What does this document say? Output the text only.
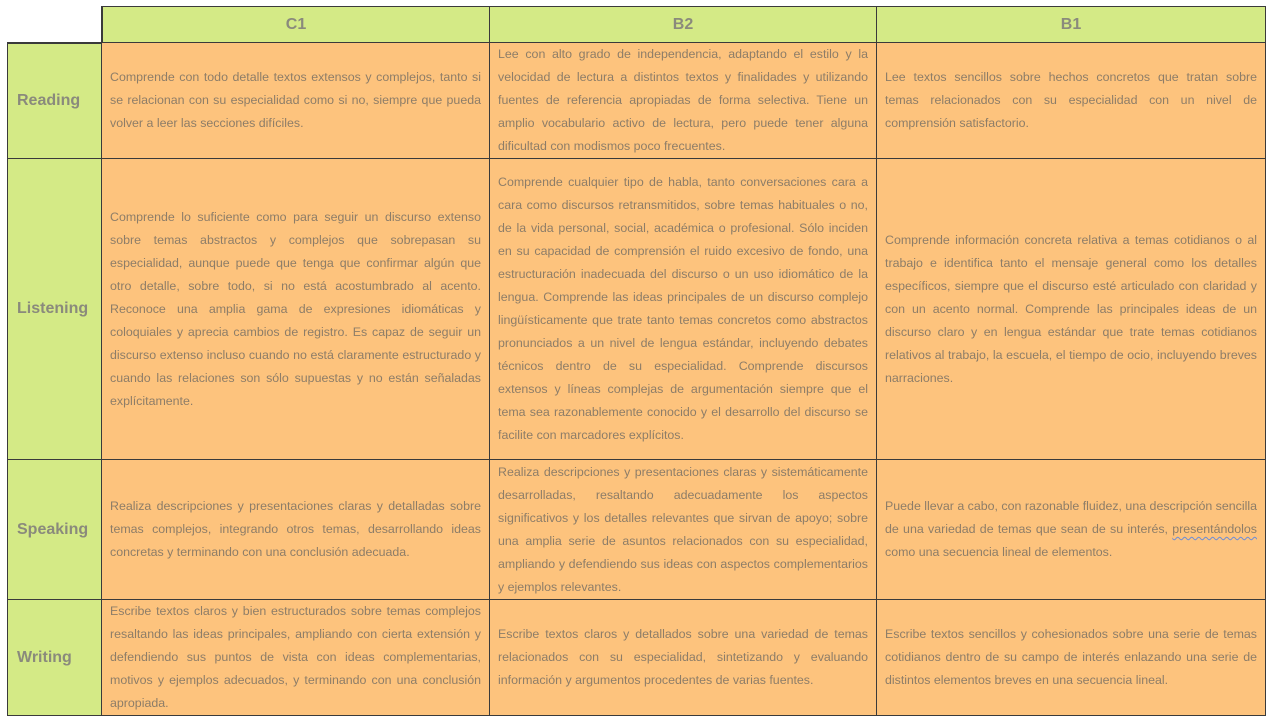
C1	B2	B1
Reading

Comprende con todo detalle textos extensos y complejos, tanto si se relacionan con su especialidad como si no, siempre que pueda volver a leer las secciones difíciles.

Lee con alto grado de independencia, adaptando el estilo y la velocidad de lectura a distintos textos y finalidades y utilizando fuentes de referencia apropiadas de forma selectiva. Tiene un amplio vocabulario activo de lectura, pero puede tener alguna dificultad con modismos poco frecuentes.

Lee textos sencillos sobre hechos concretos que tratan sobre temas relacionados con su especialidad con un nivel de comprensión satisfactorio.

Listening

Comprende lo suficiente como para seguir un discurso extenso sobre temas abstractos y complejos que sobrepasan su especialidad, aunque puede que tenga que confirmar algún que otro detalle, sobre todo, si no está acostumbrado al acento. Reconoce una amplia gama de expresiones idiomáticas y coloquiales y aprecia cambios de registro. Es capaz de seguir un discurso extenso incluso cuando no está claramente estructurado y cuando las relaciones son sólo supuestas y no están señaladas explícitamente.

Comprende cualquier tipo de habla, tanto conversaciones cara a cara como discursos retransmitidos, sobre temas habituales o no, de la vida personal, social, académica o profesional. Sólo inciden en su capacidad de comprensión el ruido excesivo de fondo, una estructuración inadecuada del discurso o un uso idiomático de la lengua. Comprende las ideas principales de un discurso complejo lingüísticamente que trate tanto temas concretos como abstractos pronunciados a un nivel de lengua estándar, incluyendo debates técnicos dentro de su especialidad. Comprende discursos extensos y líneas complejas de argumentación siempre que el tema sea razonablemente conocido y el desarrollo del discurso se facilite con marcadores explícitos.

Comprende información concreta relativa a temas cotidianos o al trabajo e identifica tanto el mensaje general como los detalles específicos, siempre que el discurso esté articulado con claridad y con un acento normal. Comprende las principales ideas de un discurso claro y en lengua estándar que trate temas cotidianos relativos al trabajo, la escuela, el tiempo de ocio, incluyendo breves narraciones.

Speaking

Realiza descripciones y presentaciones claras y detalladas sobre temas complejos, integrando otros temas, desarrollando ideas concretas y terminando con una conclusión adecuada.

Realiza descripciones y presentaciones claras y sistemáticamente desarrolladas, resaltando adecuadamente los aspectos significativos y los detalles relevantes que sirvan de apoyo; sobre una amplia serie de asuntos relacionados con su especialidad, ampliando y defendiendo sus ideas con aspectos complementarios y ejemplos relevantes.

Puede llevar a cabo, con razonable fluidez, una descripción sencilla de una variedad de temas que sean de su interés, presentándolos como una secuencia lineal de elementos.

Writing

Escribe textos claros y bien estructurados sobre temas complejos resaltando las ideas principales, ampliando con cierta extensión y defendiendo sus puntos de vista con ideas complementarias, motivos y ejemplos adecuados, y terminando con una conclusión apropiada.

Escribe textos claros y detallados sobre una variedad de temas relacionados con su especialidad, sintetizando y evaluando información y argumentos procedentes de varias fuentes.

Escribe textos sencillos y cohesionados sobre una serie de temas cotidianos dentro de su campo de interés enlazando una serie de distintos elementos breves en una secuencia lineal.
